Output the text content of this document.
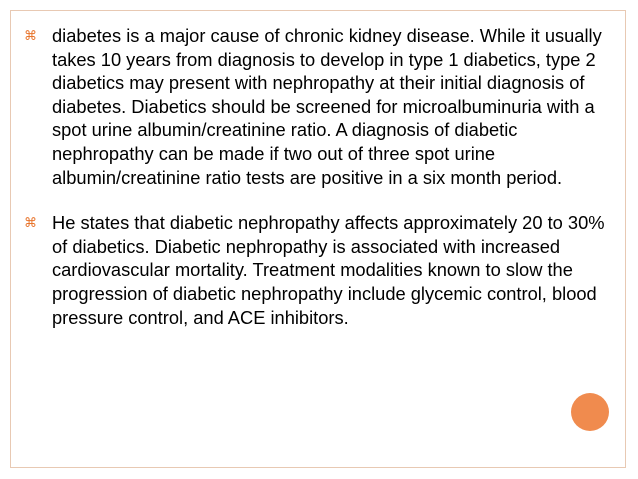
⌘ diabetes is a major cause of chronic kidney disease. While it usually takes 10 years from diagnosis to develop in type 1 diabetics, type 2 diabetics may present with nephropathy at their initial diagnosis of diabetes. Diabetics should be screened for microalbuminuria with a spot urine albumin/creatinine ratio. A diagnosis of diabetic nephropathy can be made if two out of three spot urine albumin/creatinine ratio tests are positive in a six month period.
⌘ He states that diabetic nephropathy affects approximately 20 to 30% of diabetics. Diabetic nephropathy is associated with increased cardiovascular mortality. Treatment modalities known to slow the progression of diabetic nephropathy include glycemic control, blood pressure control, and ACE inhibitors.
